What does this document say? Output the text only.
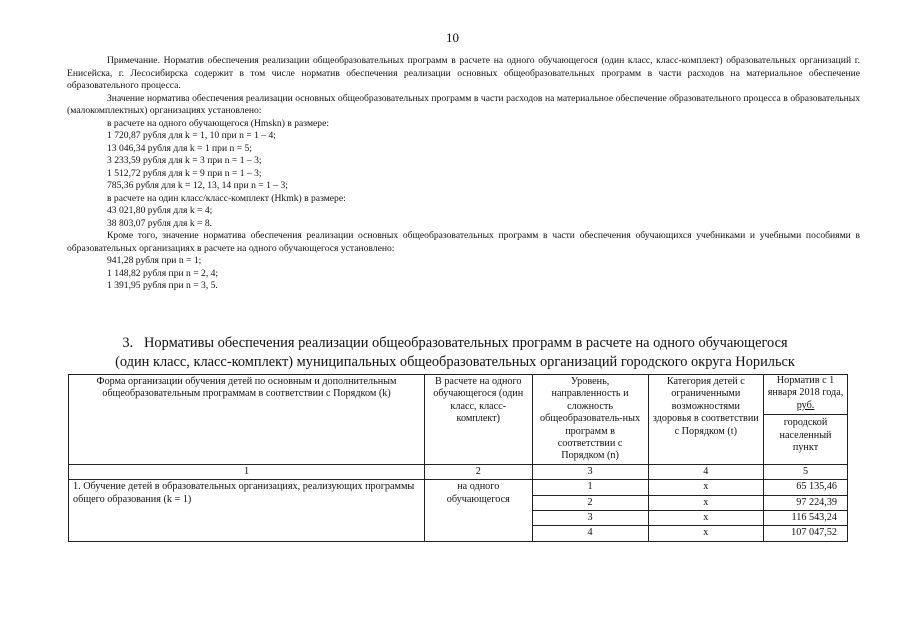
10

Примечание. Норматив обеспечения реализации общеобразовательных программ в расчете на одного обучающегося (один класс, класс-комплект) образовательных организаций г. Енисейска, г. Лесосибирска содержит в том числе норматив обеспечения реализации основных общеобразовательных программ в части расходов на материальное обеспечение образовательного процесса.

Значение норматива обеспечения реализации основных общеобразовательных программ в части расходов на материальное обеспечение образовательного процесса в образовательных (малокомплектных) организациях установлено:

в расчете на одного обучающегося (Нmskn) в размере:

1 720,87 рубля для k = 1, 10 при n = 1 – 4;

13 046,34 рубля для k = 1 при n = 5;

3 233,59 рубля для k = 3 при n = 1 – 3;

1 512,72 рубля для k = 9 при n = 1 – 3;

785,36 рубля для k = 12, 13, 14 при n = 1 – 3;

в расчете на один класс/класс-комплект (Нkmk) в размере:

43 021,80 рубля для k = 4;

38 803,07 рубля для k = 8.

Кроме того, значение норматива обеспечения реализации основных общеобразовательных программ в части обеспечения обучающихся учебниками и учебными пособиями в образовательных организациях в расчете на одного обучающегося установлено:

941,28 рубля при n = 1;

1 148,82 рубля при n = 2, 4;

1 391,95 рубля при n = 3, 5.

3. Нормативы обеспечения реализации общеобразовательных программ в расчете на одного обучающегося
(один класс, класс-комплект) муниципальных общеобразовательных организаций городского округа Норильск
Форма организации обучения детей по основным и дополнительным общеобразовательным программам в соответствии с Порядком (k)	В расчете на одного обучающегося (один класс, класс-комплект)	Уровень, направленность и сложность общеобразователь-ных программ в соответствии с Порядком (n)	Категория детей с ограниченными возможностями здоровья в соответствии с Порядком (t)	Норматив с 1 января 2018 года, руб.
городской населенный пункт

1	2	3	4	5
1. Обучение детей в образовательных организациях, реализующих программы общего образования (k = 1)	на одного обучающегося	1	х	65 135,46
		2	х	97 224,39
		3	х	116 543,24
		4	х	107 047,52
